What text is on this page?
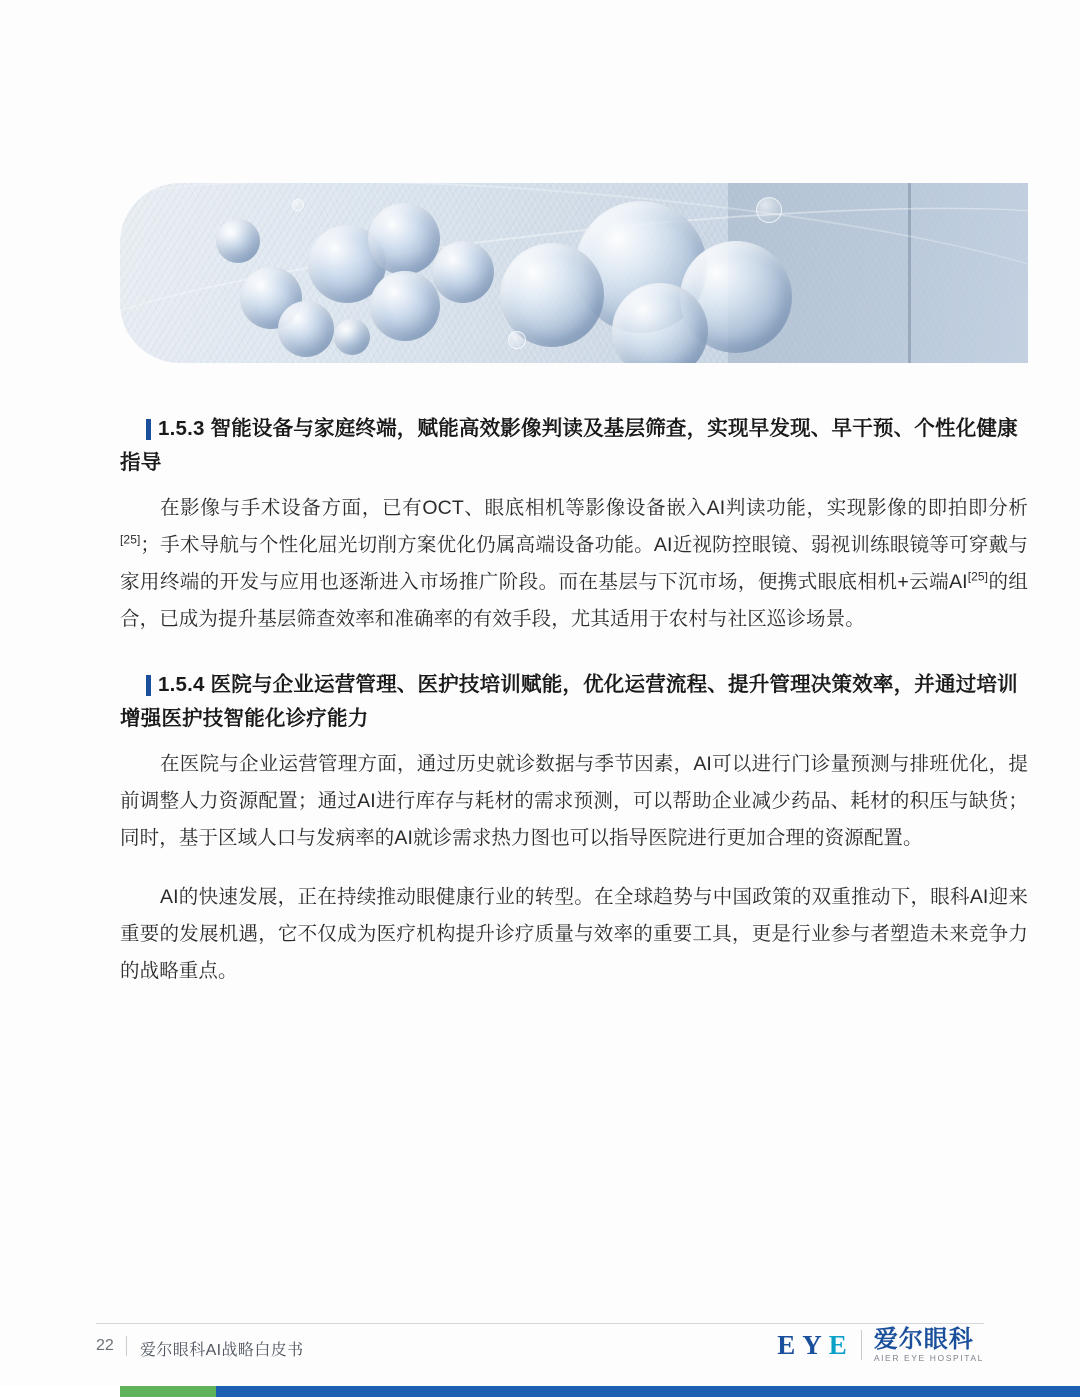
1.5.3 智能设备与家庭终端，赋能高效影像判读及基层筛查，实现早发现、早干预、个性化健康指导

在影像与手术设备方面，已有OCT、眼底相机等影像设备嵌入AI判读功能，实现影像的即拍即分析[25]；手术导航与个性化屈光切削方案优化仍属高端设备功能。AI近视防控眼镜、弱视训练眼镜等可穿戴与家用终端的开发与应用也逐渐进入市场推广阶段。而在基层与下沉市场，便携式眼底相机+云端AI[25]的组合，已成为提升基层筛查效率和准确率的有效手段，尤其适用于农村与社区巡诊场景。

1.5.4 医院与企业运营管理、医护技培训赋能，优化运营流程、提升管理决策效率，并通过培训增强医护技智能化诊疗能力

在医院与企业运营管理方面，通过历史就诊数据与季节因素，AI可以进行门诊量预测与排班优化，提前调整人力资源配置；通过AI进行库存与耗材的需求预测，可以帮助企业减少药品、耗材的积压与缺货；同时，基于区域人口与发病率的AI就诊需求热力图也可以指导医院进行更加合理的资源配置。

AI的快速发展，正在持续推动眼健康行业的转型。在全球趋势与中国政策的双重推动下，眼科AI迎来重要的发展机遇，它不仅成为医疗机构提升诊疗质量与效率的重要工具，更是行业参与者塑造未来竞争力的战略重点。

22 爱尔眼科AI战略白皮书	E Y E 爱尔眼科
AIER EYE HOSPITAL
